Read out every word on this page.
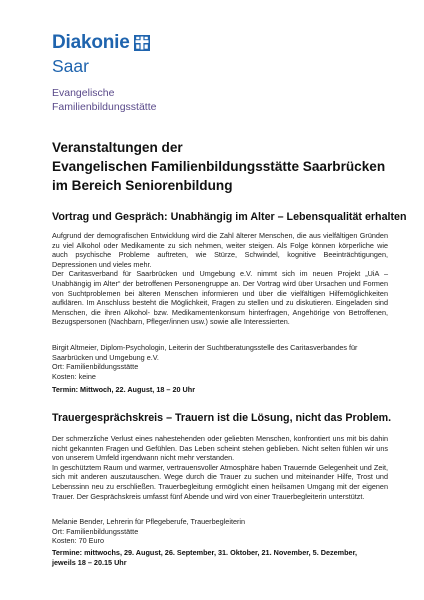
Diakonie
Saar
Evangelische
Familienbildungsstätte
Veranstaltungen der
Evangelischen Familienbildungsstätte Saarbrücken
im Bereich Seniorenbildung
Vortrag und Gespräch: Unabhängig im Alter – Lebensqualität erhalten

Aufgrund der demografischen Entwicklung wird die Zahl älterer Menschen, die aus vielfältigen Gründen zu viel Alkohol oder Medikamente zu sich nehmen, weiter steigen. Als Folge können körperliche wie auch psychische Probleme auftreten, wie Stürze, Schwindel, kognitive Beeinträchtigungen, Depressionen und vieles mehr.

Der Caritasverband für Saarbrücken und Umgebung e.V. nimmt sich im neuen Projekt „UiA – Unabhängig im Alter“ der betroffenen Personengruppe an. Der Vortrag wird über Ursachen und Formen von Suchtproblemen bei älteren Menschen informieren und über die vielfältigen Hilfemöglichkeiten aufklären. Im Anschluss besteht die Möglichkeit, Fragen zu stellen und zu diskutieren. Eingeladen sind Menschen, die ihren Alkohol- bzw. Medikamentenkonsum hinterfragen, Angehörige von Betroffenen, Bezugspersonen (Nachbarn, Pfleger/innen usw.) sowie alle Interessierten.

Birgit Altmeier, Diplom-Psychologin, Leiterin der Suchtberatungsstelle des Caritasverbandes für Saarbrücken und Umgebung e.V.
Ort: Familienbildungsstätte
Kosten: keine
Termin: Mittwoch, 22. August, 18 – 20 Uhr
Trauergesprächskreis – Trauern ist die Lösung, nicht das Problem.

Der schmerzliche Verlust eines nahestehenden oder geliebten Menschen, konfrontiert uns mit bis dahin nicht gekannten Fragen und Gefühlen. Das Leben scheint stehen geblieben. Nicht selten fühlen wir uns von unserem Umfeld irgendwann nicht mehr verstanden.

In geschütztem Raum und warmer, vertrauensvoller Atmosphäre haben Trauernde Gelegenheit und Zeit, sich mit anderen auszutauschen. Wege durch die Trauer zu suchen und miteinander Hilfe, Trost und Lebenssinn neu zu erschließen. Trauerbegleitung ermöglicht einen heilsamen Umgang mit der eigenen Trauer. Der Gesprächskreis umfasst fünf Abende und wird von einer Trauerbegleiterin unterstützt.

Melanie Bender, Lehrerin für Pflegeberufe, Trauerbegleiterin
Ort: Familienbildungsstätte
Kosten: 70 Euro
Termine: mittwochs, 29. August, 26. September, 31. Oktober, 21. November, 5. Dezember,
jeweils 18 – 20.15 Uhr
